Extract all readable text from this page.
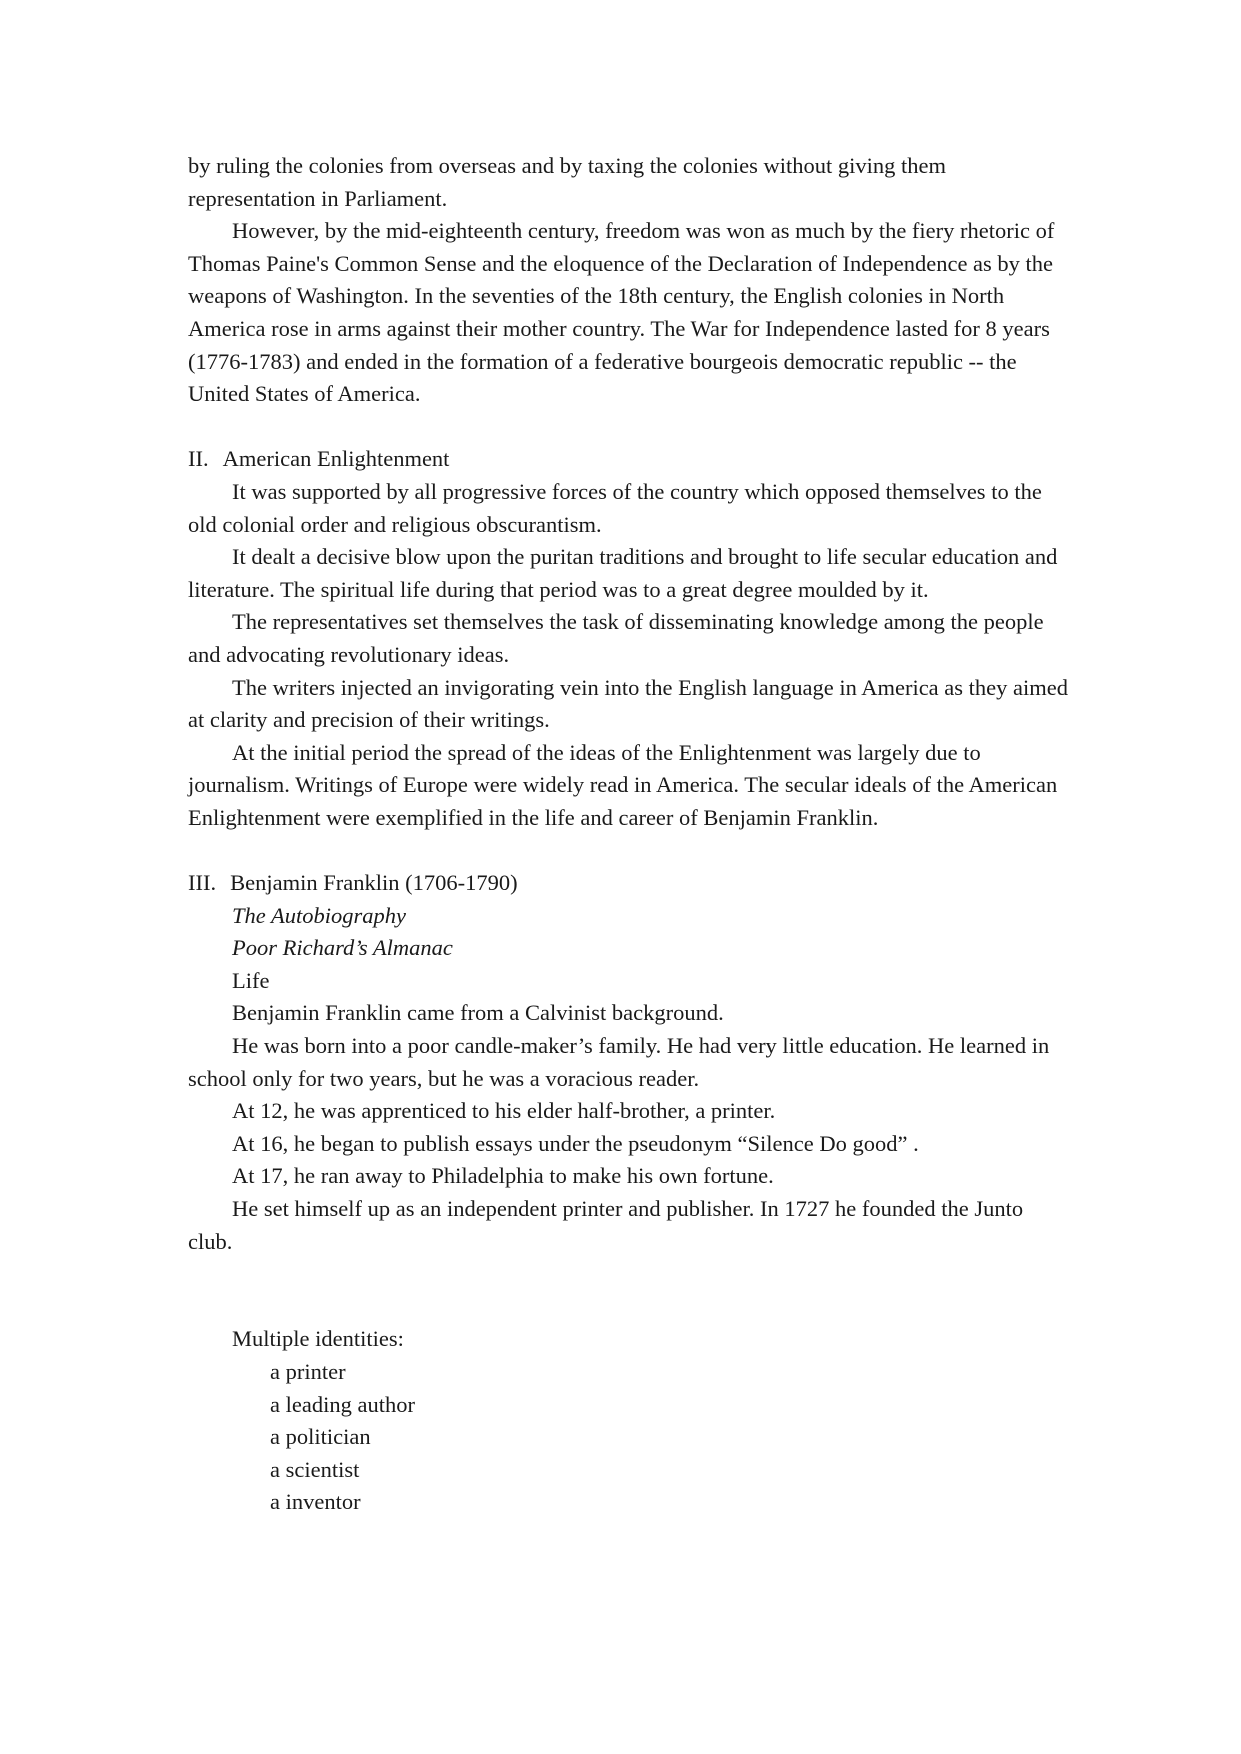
by ruling the colonies from overseas and by taxing the colonies without giving them representation in Parliament.

However, by the mid-eighteenth century, freedom was won as much by the fiery rhetoric of Thomas Paine's Common Sense and the eloquence of the Declaration of Independence as by the weapons of Washington. In the seventies of the 18th century, the English colonies in North America rose in arms against their mother country. The War for Independence lasted for 8 years (1776-1783) and ended in the formation of a federative bourgeois democratic republic -- the United States of America.

II. American Enlightenment

It was supported by all progressive forces of the country which opposed themselves to the old colonial order and religious obscurantism.

It dealt a decisive blow upon the puritan traditions and brought to life secular education and literature. The spiritual life during that period was to a great degree moulded by it.

The representatives set themselves the task of disseminating knowledge among the people and advocating revolutionary ideas.

The writers injected an invigorating vein into the English language in America as they aimed at clarity and precision of their writings.

At the initial period the spread of the ideas of the Enlightenment was largely due to journalism. Writings of Europe were widely read in America. The secular ideals of the American Enlightenment were exemplified in the life and career of Benjamin Franklin.

III. Benjamin Franklin (1706-1790)

The Autobiography

Poor Richard’s Almanac

Life

Benjamin Franklin came from a Calvinist background.

He was born into a poor candle-maker’s family. He had very little education. He learned in school only for two years, but he was a voracious reader.

At 12, he was apprenticed to his elder half-brother, a printer.

At 16, he began to publish essays under the pseudonym “Silence Do good” .

At 17, he ran away to Philadelphia to make his own fortune.

He set himself up as an independent printer and publisher. In 1727 he founded the Junto club.

Multiple identities:

a printer

a leading author

a politician

a scientist

a inventor
